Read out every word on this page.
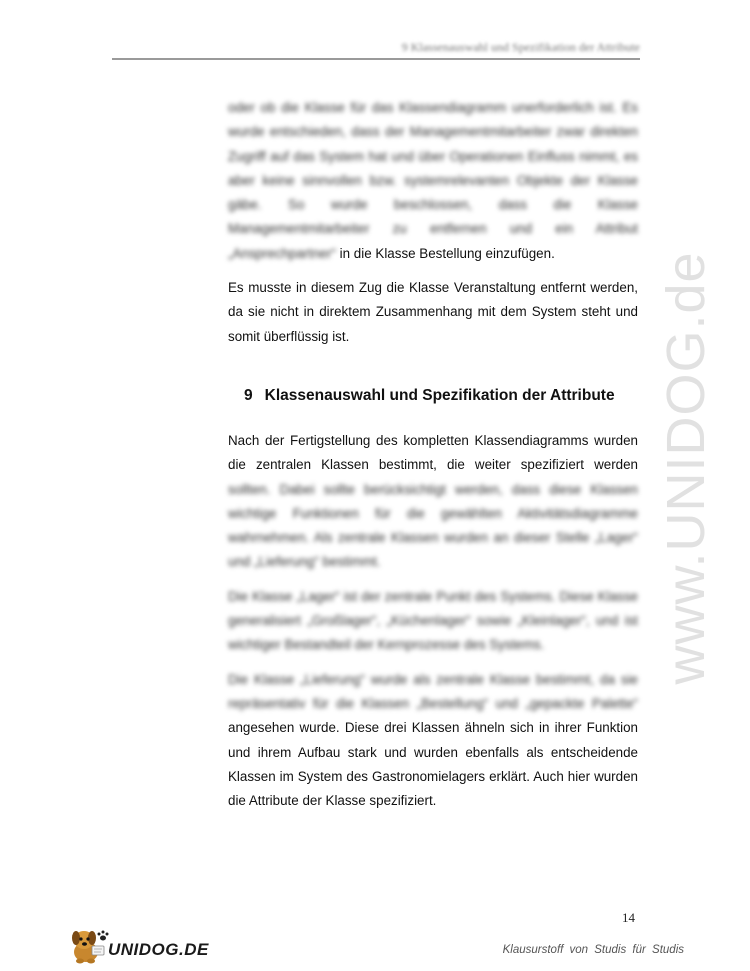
9 Klassenauswahl und Spezifikation der Attribute
www.UNIDOG.de

oder ob die Klasse für das Klassendiagramm unerforderlich ist. Es wurde entschieden, dass der Managementmitarbeiter zwar direkten Zugriff auf das System hat und über Operationen Einfluss nimmt, es aber keine sinnvollen bzw. systemrelevanten Objekte der Klasse gäbe. So wurde beschlossen, dass die Klasse Managementmitarbeiter zu entfernen und ein Attribut „Ansprechpartner“ in die Klasse Bestellung einzufügen.

Es musste in diesem Zug die Klasse Veranstaltung entfernt werden, da sie nicht in direktem Zusammenhang mit dem System steht und somit überflüssig ist.

Nach der Fertigstellung des kompletten Klassendiagramms wurden die zentralen Klassen bestimmt, die weiter spezifiziert werden sollten. Dabei sollte berücksichtigt werden, dass diese Klassen wichtige Funktionen für die gewählten Aktivitätsdiagramme wahrnehmen. Als zentrale Klassen wurden an dieser Stelle „Lager“ und „Lieferung“ bestimmt.

Die Klasse „Lager“ ist der zentrale Punkt des Systems. Diese Klasse generalisiert „Großlager“, „Küchenlager“ sowie „Kleinlager“, und ist wichtiger Bestandteil der Kernprozesse des Systems.

Die Klasse „Lieferung“ wurde als zentrale Klasse bestimmt, da sie repräsentativ für die Klassen „Bestellung“ und „gepackte Palette“ angesehen wurde. Diese drei Klassen ähneln sich in ihrer Funktion und ihrem Aufbau stark und wurden ebenfalls als entscheidende Klassen im System des Gastronomielagers erklärt. Auch hier wurden die Attribute der Klasse spezifiziert.

9 Klassenauswahl und Spezifikation der Attribute
14
UNIDOG.DE	Klausurstoff von Studis für Studis
